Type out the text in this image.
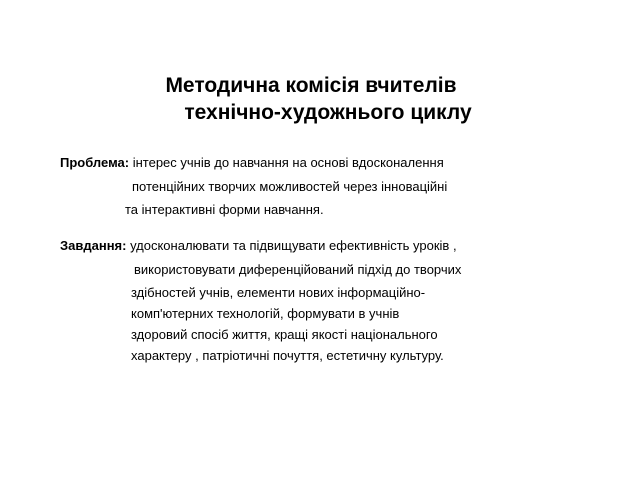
Методична комісія вчителів
технічно-художнього циклу
Проблема: інтерес учнів до навчання на основі вдосконалення
потенційних творчих можливостей через інноваційні
та інтерактивні форми навчання.
Завдання: удосконалювати та підвищувати ефективність уроків ,
використовувати диференційований підхід до творчих
здібностей учнів, елементи нових інформаційно-
комп'ютерних технологій, формувати в учнів
здоровий спосіб життя, кращі якості національного
характеру , патріотичні почуття, естетичну культуру.
